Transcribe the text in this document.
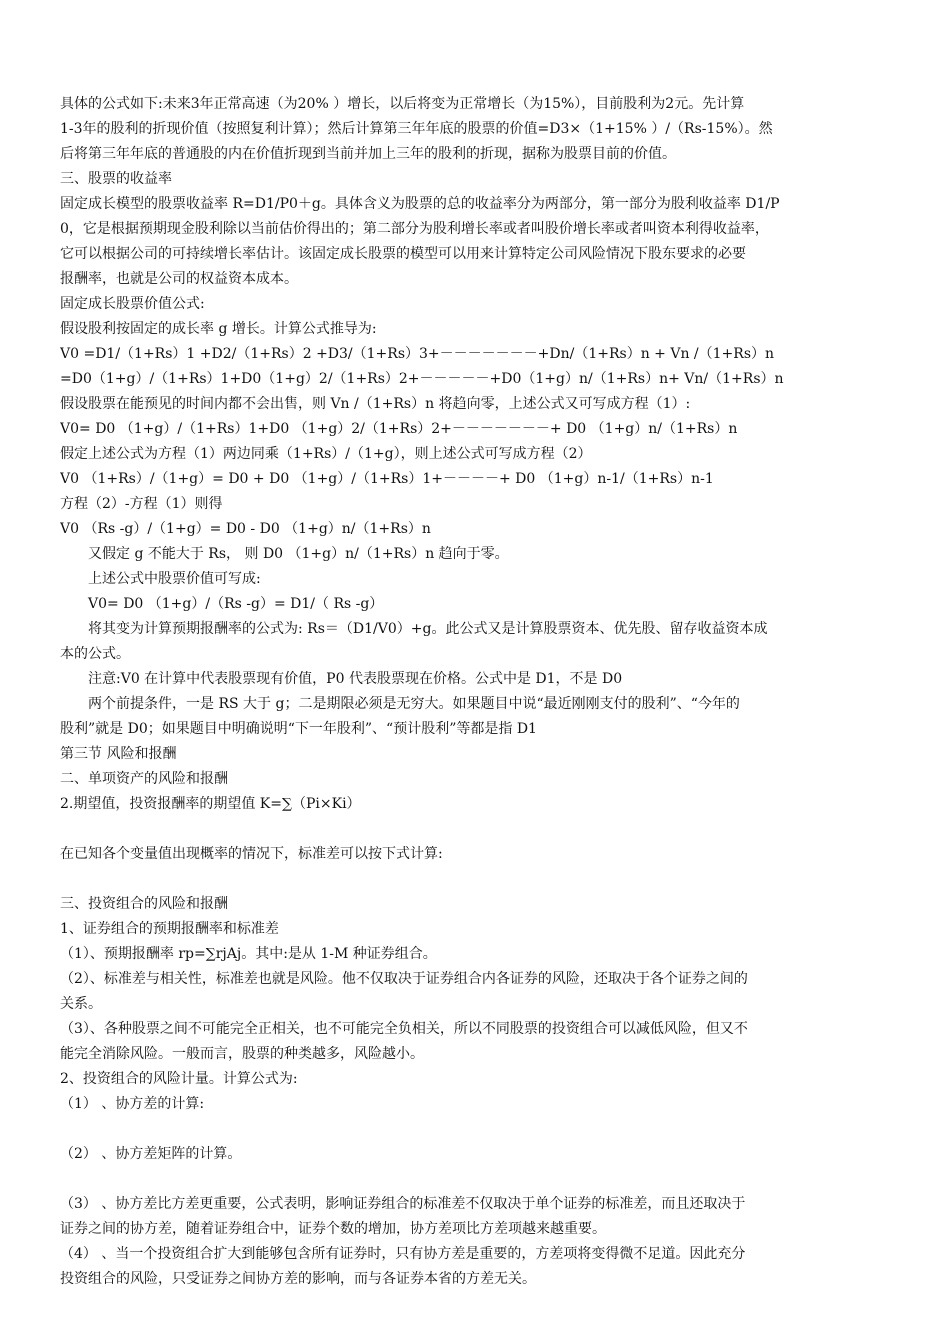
具体的公式如下:未来3年正常高速（为20% ）增长，以后将变为正常增长（为15%），目前股利为2元。先计算
1-3年的股利的折现价值（按照复利计算）；然后计算第三年年底的股票的价值=D3×（1+15% ）/（Rs-15%）。然
后将第三年年底的普通股的内在价值折现到当前并加上三年的股利的折现，据称为股票目前的价值。
三、股票的收益率
固定成长模型的股票收益率 R=D1/P0＋g。具体含义为股票的总的收益率分为两部分，第一部分为股利收益率 D1/P
0，它是根据预期现金股利除以当前估价得出的；第二部分为股利增长率或者叫股价增长率或者叫资本利得收益率，
它可以根据公司的可持续增长率估计。该固定成长股票的模型可以用来计算特定公司风险情况下股东要求的必要
报酬率，也就是公司的权益资本成本。
固定成长股票价值公式:
假设股利按固定的成长率 g 增长。计算公式推导为:
V0 =D1/（1+Rs）1 +D2/（1+Rs）2 +D3/（1+Rs）3+－－－－－－－+Dn/（1+Rs）n + Vn /（1+Rs）n
=D0（1+g）/（1+Rs）1+D0（1+g）2/（1+Rs）2+－－－－－+D0（1+g）n/（1+Rs）n+ Vn/（1+Rs）n
假设股票在能预见的时间内都不会出售，则 Vn /（1+Rs）n 将趋向零，上述公式又可写成方程（1）:
V0= D0 （1+g）/（1+Rs）1+D0 （1+g）2/（1+Rs）2+－－－－－－－+ D0 （1+g）n/（1+Rs）n
假定上述公式为方程（1）两边同乘（1+Rs）/（1+g），则上述公式可写成方程（2）
V0 （1+Rs）/（1+g）= D0 + D0 （1+g）/（1+Rs）1+－－－－+ D0 （1+g）n-1/（1+Rs）n-1
方程（2）-方程（1）则得
V0 （Rs -g）/（1+g）= D0 - D0 （1+g）n/（1+Rs）n
又假定 g 不能大于 Rs， 则 D0 （1+g）n/（1+Rs）n 趋向于零。
上述公式中股票价值可写成:
V0= D0 （1+g）/（Rs -g）= D1/（ Rs -g）
将其变为计算预期报酬率的公式为: Rs＝（D1/V0）+g。此公式又是计算股票资本、优先股、留存收益资本成
本的公式。
注意:V0 在计算中代表股票现有价值，P0 代表股票现在价格。公式中是 D1，不是 D0
两个前提条件，一是 RS 大于 g；二是期限必须是无穷大。如果题目中说“最近刚刚支付的股利”、“今年的
股利”就是 D0；如果题目中明确说明“下一年股利”、“预计股利”等都是指 D1
第三节 风险和报酬
二、单项资产的风险和报酬
2.期望值，投资报酬率的期望值 K=∑（Pi×Ki）
在已知各个变量值出现概率的情况下，标准差可以按下式计算:
三、投资组合的风险和报酬
1、证券组合的预期报酬率和标准差
（1）、预期报酬率 rp=∑rjAj。其中:是从 1-M 种证券组合。
（2）、标准差与相关性，标准差也就是风险。他不仅取决于证券组合内各证券的风险，还取决于各个证券之间的
关系。
（3）、各种股票之间不可能完全正相关，也不可能完全负相关，所以不同股票的投资组合可以减低风险，但又不
能完全消除风险。一般而言，股票的种类越多，风险越小。
2、投资组合的风险计量。计算公式为:
（1） 、协方差的计算:
（2） 、协方差矩阵的计算。
（3） 、协方差比方差更重要，公式表明，影响证券组合的标准差不仅取决于单个证券的标准差，而且还取决于
证券之间的协方差，随着证券组合中，证券个数的增加，协方差项比方差项越来越重要。
（4） 、当一个投资组合扩大到能够包含所有证券时，只有协方差是重要的，方差项将变得微不足道。因此充分
投资组合的风险，只受证券之间协方差的影响，而与各证券本省的方差无关。
